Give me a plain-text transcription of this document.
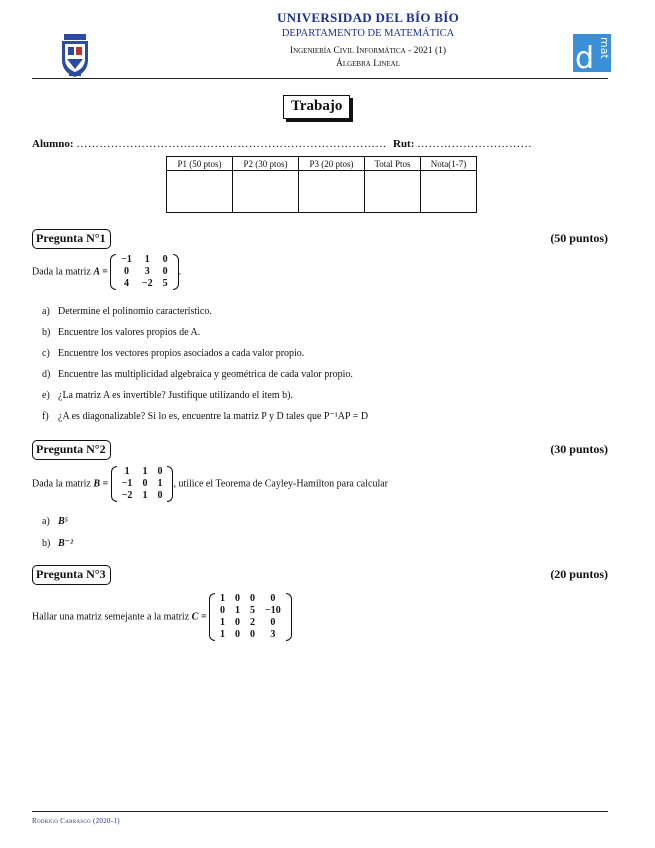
UNIVERSIDAD DEL BÍO BÍO
DEPARTAMENTO DE MATEMÁTICA
Ingeniería Civil Informática - 2021 (1)
Álgebra Lineal	d mat
Trabajo
Alumno: ……………………………………………………………………… Rut: …………………………
P1 (50 ptos)	P2 (30 ptos)	P3 (20 ptos)	Total Ptos	Nota(1-7)

Pregunta N°1	(50 puntos)
Dada la matriz A =
−1	1	0
0	3	0
4	−2	5
.
a) Determine el polinomio característico.
b) Encuentre los valores propios de A.
c) Encuentre los vectores propios asociados a cada valor propio.
d) Encuentre las multiplicidad algebraica y geométrica de cada valor propio.
e) ¿La matriz A es invertible? Justifique utilizando el item b).
f) ¿A es diagonalizable? Si lo es, encuentre la matriz P y D tales que P⁻¹AP = D
Pregunta N°2	(30 puntos)
Dada la matriz B =
1	1	0
−1	0	1
−2	1	0
, utilice el Teorema de Cayley-Hamilton para calcular
a) B⁵
b) B⁻²
Pregunta N°3	(20 puntos)
Hallar una matriz semejante a la matriz C =
1	0	0	0
0	1	5	−10
1	0	2	0
1	0	0	3
Rodrigo Carrasco (2020-1)
